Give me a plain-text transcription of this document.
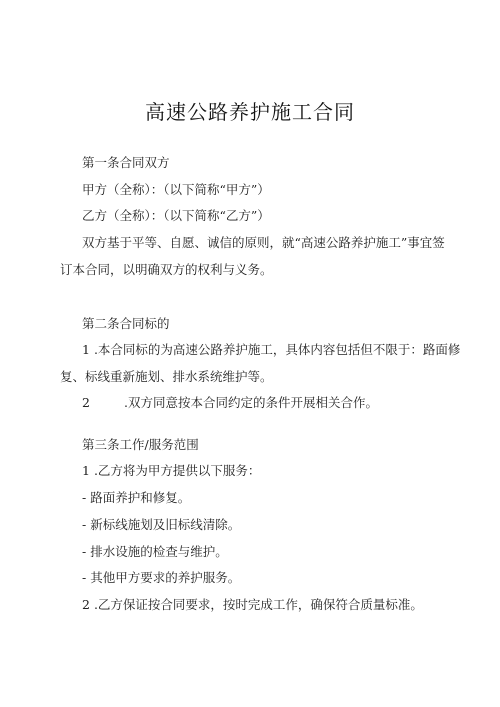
高速公路养护施工合同
第一条合同双方
甲方（全称）：（以下简称“甲方”）
乙方（全称）：（以下简称“乙方”）
双方基于平等、自愿、诚信的原则，就“高速公路养护施工”事宜签
订本合同，以明确双方的权利与义务。
第二条合同标的
1 .本合同标的为高速公路养护施工，具体内容包括但不限于：路面修
复、标线重新施划、排水系统维护等。
2	.双方同意按本合同约定的条件开展相关合作。
第三条工作/服务范围
1 .乙方将为甲方提供以下服务：
- 路面养护和修复。
- 新标线施划及旧标线清除。
- 排水设施的检查与维护。
- 其他甲方要求的养护服务。
2 .乙方保证按合同要求，按时完成工作，确保符合质量标准。
